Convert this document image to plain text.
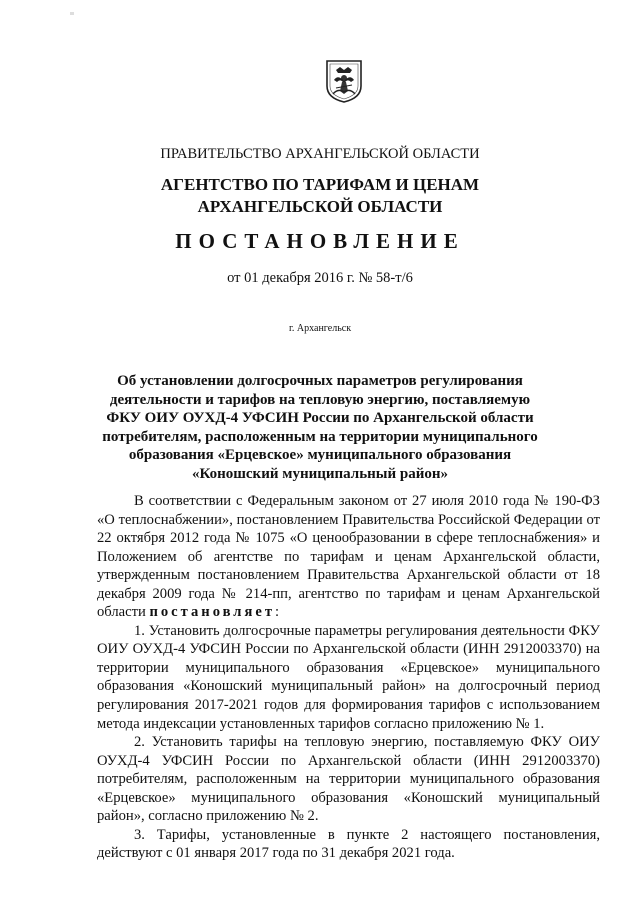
ПРАВИТЕЛЬСТВО АРХАНГЕЛЬСКОЙ ОБЛАСТИ
АГЕНТСТВО ПО ТАРИФАМ И ЦЕНАМ
АРХАНГЕЛЬСКОЙ ОБЛАСТИ
ПОСТАНОВЛЕНИЕ
от 01 декабря 2016 г. № 58-т/6
г. Архангельск
Об установлении долгосрочных параметров регулирования
деятельности и тарифов на тепловую энергию, поставляемую
ФКУ ОИУ ОУХД-4 УФСИН России по Архангельской области
потребителям, расположенным на территории муниципального
образования «Ерцевское» муниципального образования
«Коношский муниципальный район»

В соответствии с Федеральным законом от 27 июля 2010 года № 190-ФЗ «О теплоснабжении», постановлением Правительства Российской Федерации от 22 октября 2012 года № 1075 «О ценообразовании в сфере теплоснабжения» и Положением об агентстве по тарифам и ценам Архангельской области, утвержденным постановлением Правительства Архангельской области от 18 декабря 2009 года № 214-пп, агентство по тарифам и ценам Архангельской области постановляет:

1. Установить долгосрочные параметры регулирования деятельности ФКУ ОИУ ОУХД-4 УФСИН России по Архангельской области (ИНН 2912003370) на территории муниципального образования «Ерцевское» муниципального образования «Коношский муниципальный район» на долгосрочный период регулирования 2017-2021 годов для формирования тарифов с использованием метода индексации установленных тарифов согласно приложению № 1.

2. Установить тарифы на тепловую энергию, поставляемую ФКУ ОИУ ОУХД-4 УФСИН России по Архангельской области (ИНН 2912003370) потребителям, расположенным на территории муниципального образования «Ерцевское» муниципального образования «Коношский муниципальный район», согласно приложению № 2.

3. Тарифы, установленные в пункте 2 настоящего постановления, действуют с 01 января 2017 года по 31 декабря 2021 года.
